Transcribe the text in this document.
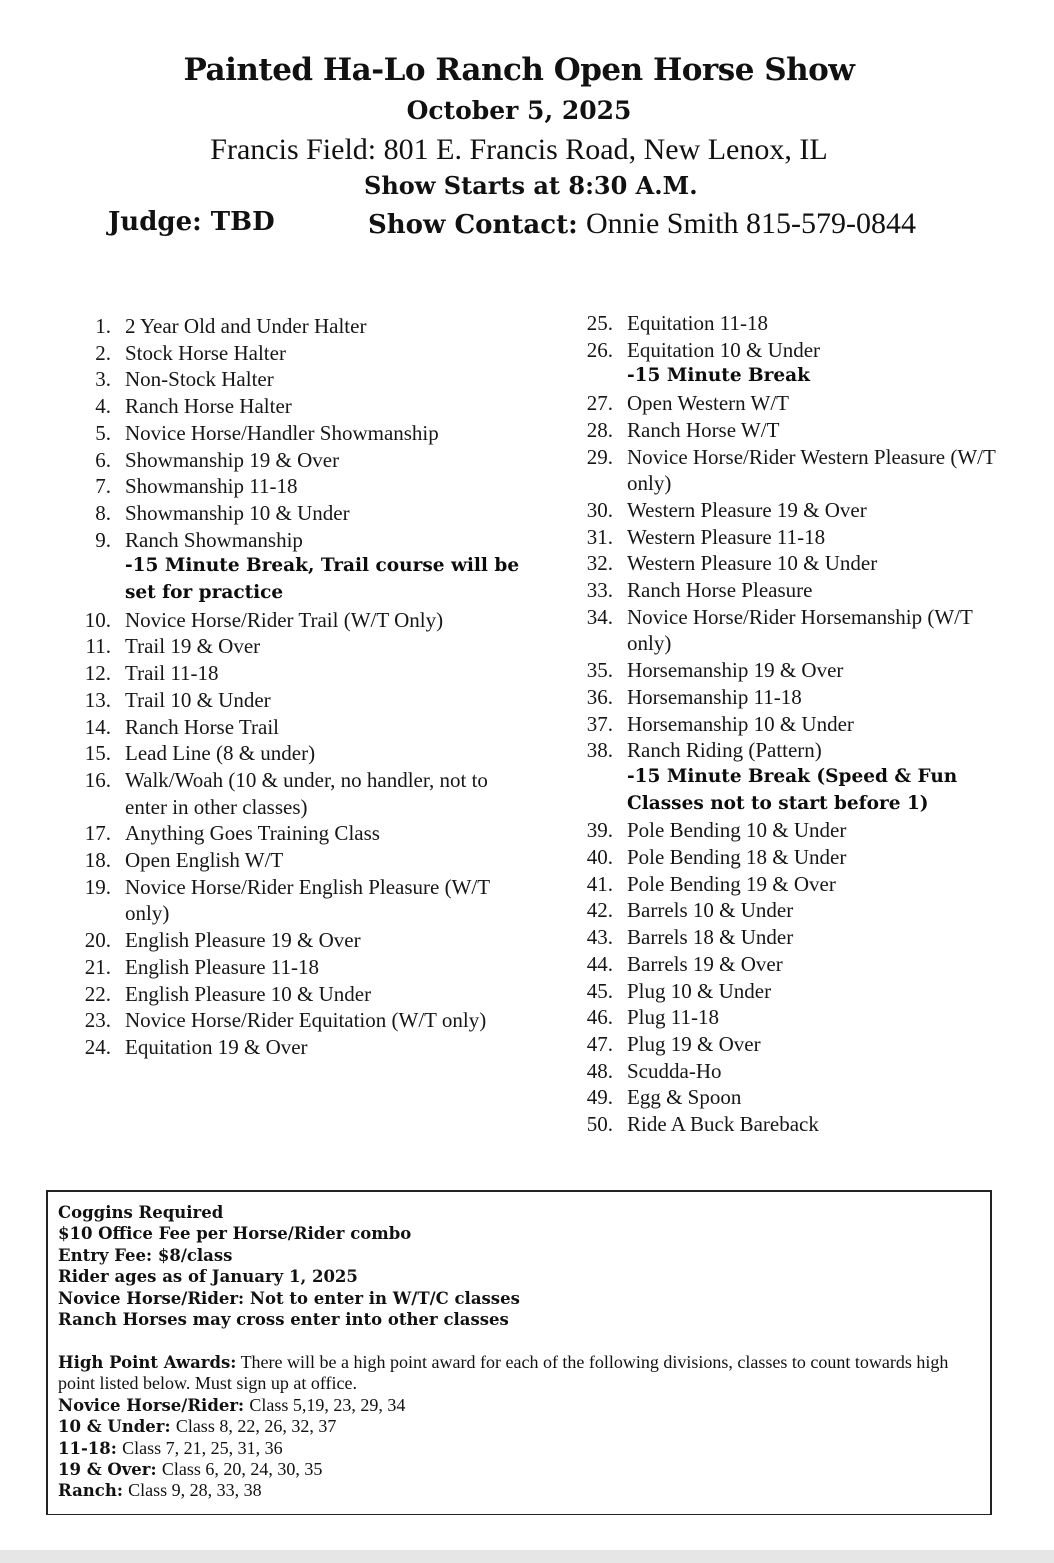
Painted Ha-Lo Ranch Open Horse Show
October 5, 2025
Francis Field: 801 E. Francis Road, New Lenox, IL
Show Starts at 8:30 A.M.
Judge: TBD	Show Contact: Onnie Smith 815-579-0844
1. 2 Year Old and Under Halter
2. Stock Horse Halter
3. Non-Stock Halter
4. Ranch Horse Halter
5. Novice Horse/Handler Showmanship
6. Showmanship 19 & Over
7. Showmanship 11-18
8. Showmanship 10 & Under
9. Ranch Showmanship
-15 Minute Break, Trail course will be set for practice
10. Novice Horse/Rider Trail (W/T Only)
11. Trail 19 & Over
12. Trail 11-18
13. Trail 10 & Under
14. Ranch Horse Trail
15. Lead Line (8 & under)
16. Walk/Woah (10 & under, no handler, not to enter in other classes)
17. Anything Goes Training Class
18. Open English W/T
19. Novice Horse/Rider English Pleasure (W/T only)
20. English Pleasure 19 & Over
21. English Pleasure 11-18
22. English Pleasure 10 & Under
23. Novice Horse/Rider Equitation (W/T only)
24. Equitation 19 & Over
25. Equitation 11-18
26. Equitation 10 & Under
-15 Minute Break
27. Open Western W/T
28. Ranch Horse W/T
29. Novice Horse/Rider Western Pleasure (W/T only)
30. Western Pleasure 19 & Over
31. Western Pleasure 11-18
32. Western Pleasure 10 & Under
33. Ranch Horse Pleasure
34. Novice Horse/Rider Horsemanship (W/T only)
35. Horsemanship 19 & Over
36. Horsemanship 11-18
37. Horsemanship 10 & Under
38. Ranch Riding (Pattern)
-15 Minute Break (Speed & Fun Classes not to start before 1)
39. Pole Bending 10 & Under
40. Pole Bending 18 & Under
41. Pole Bending 19 & Over
42. Barrels 10 & Under
43. Barrels 18 & Under
44. Barrels 19 & Over
45. Plug 10 & Under
46. Plug 11-18
47. Plug 19 & Over
48. Scudda-Ho
49. Egg & Spoon
50. Ride A Buck Bareback
Coggins Required
$10 Office Fee per Horse/Rider combo
Entry Fee: $8/class
Rider ages as of January 1, 2025
Novice Horse/Rider: Not to enter in W/T/C classes
Ranch Horses may cross enter into other classes
High Point Awards: There will be a high point award for each of the following divisions, classes to count towards high point listed below. Must sign up at office.
Novice Horse/Rider: Class 5,19, 23, 29, 34
10 & Under: Class 8, 22, 26, 32, 37
11-18: Class 7, 21, 25, 31, 36
19 & Over: Class 6, 20, 24, 30, 35
Ranch: Class 9, 28, 33, 38
